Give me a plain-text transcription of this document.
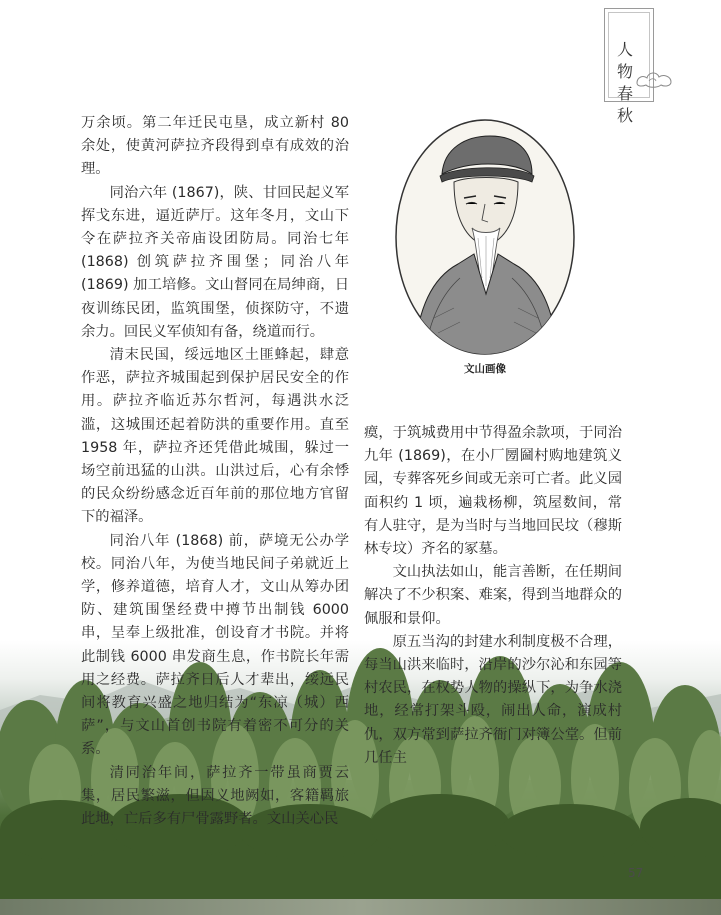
人物
春秋

万余顷。第二年迁民屯垦，成立新村 80 余处，使黄河萨拉齐段得到卓有成效的治理。

同治六年 (1867)，陕、甘回民起义军挥戈东进，逼近萨厅。这年冬月，文山下令在萨拉齐关帝庙设团防局。同治七年 (1868) 创筑萨拉齐围堡；同治八年 (1869) 加工培修。文山督同在局绅商，日夜训练民团，监筑围堡，侦探防守，不遗余力。回民义军侦知有备，绕道而行。

清末民国，绥远地区土匪蜂起，肆意作恶，萨拉齐城围起到保护居民安全的作用。萨拉齐临近苏尔哲河，每遇洪水泛滥，这城围还起着防洪的重要作用。直至 1958 年，萨拉齐还凭借此城围，躲过一场空前迅猛的山洪。山洪过后，心有余悸的民众纷纷感念近百年前的那位地方官留下的福泽。

同治八年 (1868) 前，萨境无公办学校。同治八年，为使当地民间子弟就近上学，修养道德，培育人才，文山从筹办团防、建筑围堡经费中撙节出制钱 6000 串，呈奉上级批准，创设育才书院。并将此制钱 6000 串发商生息，作书院长年需用之经费。萨拉齐日后人才辈出，绥远民间将教育兴盛之地归结为“东凉（城）西萨”，与文山首创书院有着密不可分的关系。

清同治年间，萨拉齐一带虽商贾云集，居民繁滋，但因义地阙如，客籍羁旅此地，亡后多有尸骨露野者。文山关心民

文山画像

瘼，于筑城费用中节得盈余款项，于同治九年 (1869)，在小厂圐圙村购地建筑义园，专葬客死乡间或无亲可亡者。此义园面积约 1 顷，遍栽杨柳，筑屋数间，常有人驻守，是为当时与当地回民坟（穆斯林专坟）齐名的冢墓。

文山执法如山，能言善断，在任期间解决了不少积案、难案，得到当地群众的佩服和景仰。

原五当沟的封建水利制度极不合理，每当山洪来临时，沿岸的沙尔沁和东园等村农民，在权势人物的操纵下，为争水浇地，经常打架斗殴，闹出人命，演成村仇，双方常到萨拉齐衙门对簿公堂。但前几任主

57
